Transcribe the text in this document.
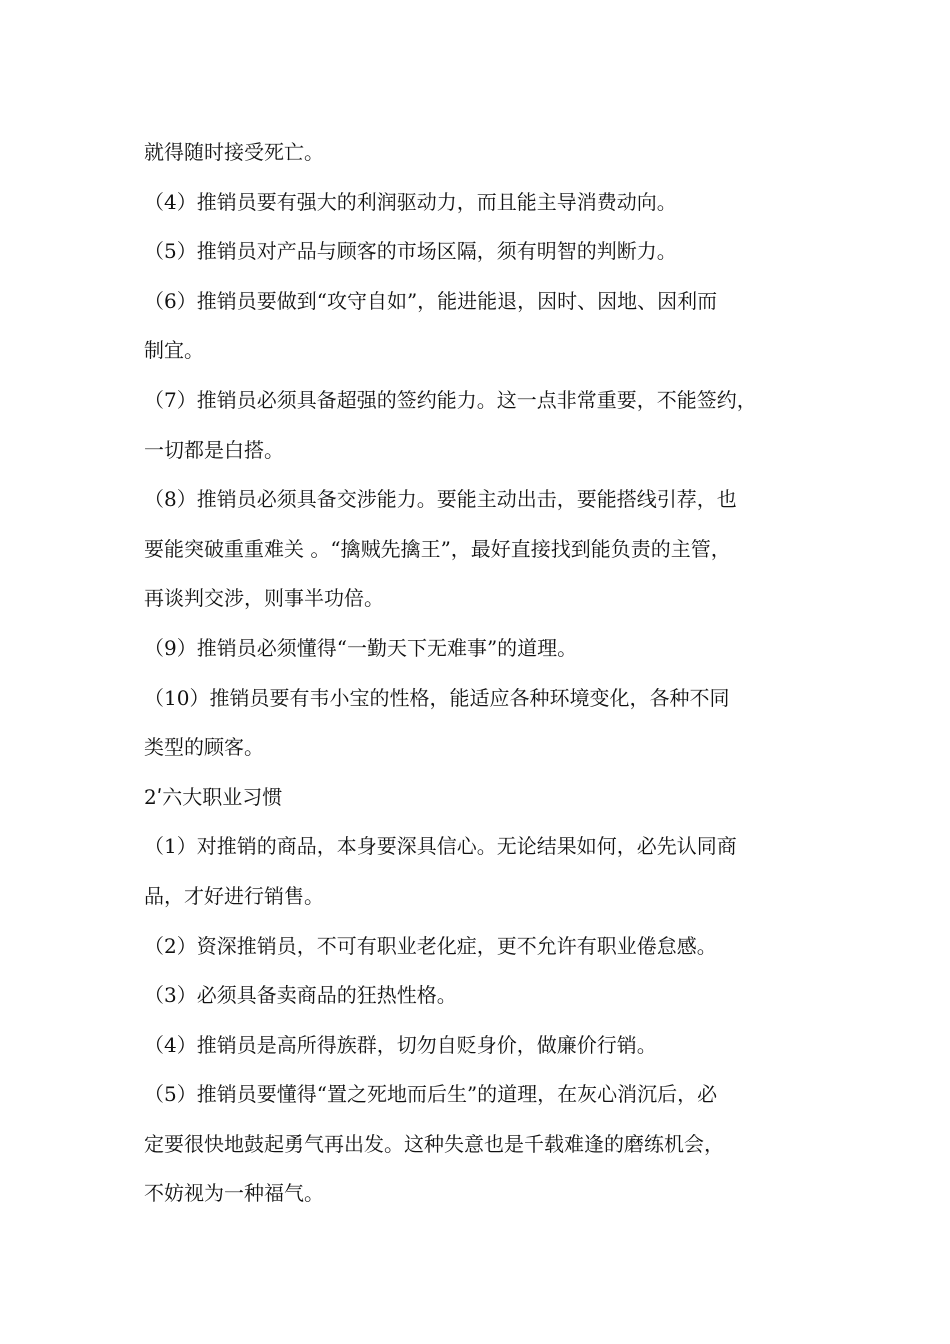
就得随时接受死亡。
（4）推销员要有强大的利润驱动力，而且能主导消费动向。
（5）推销员对产品与顾客的市场区隔，须有明智的判断力。
（6）推销员要做到“攻守自如”，能进能退，因时、因地、因利而
制宜。
（7）推销员必须具备超强的签约能力。这一点非常重要，不能签约，
一切都是白搭。
（8）推销员必须具备交涉能力。要能主动出击，要能搭线引荐，也
要能突破重重难关 。“擒贼先擒王”，最好直接找到能负责的主管，
再谈判交涉，则事半功倍。
（9）推销员必须懂得“一勤天下无难事”的道理。
（10）推销员要有韦小宝的性格，能适应各种环境变化，各种不同
类型的顾客。
2ʹ六大职业习惯
（1）对推销的商品，本身要深具信心。无论结果如何，必先认同商
品，才好进行销售。
（2）资深推销员，不可有职业老化症，更不允许有职业倦怠感。
（3）必须具备卖商品的狂热性格。
（4）推销员是高所得族群，切勿自贬身价，做廉价行销。
（5）推销员要懂得“置之死地而后生”的道理，在灰心消沉后，必
定要很快地鼓起勇气再出发。这种失意也是千载难逢的磨练机会，
不妨视为一种福气。
